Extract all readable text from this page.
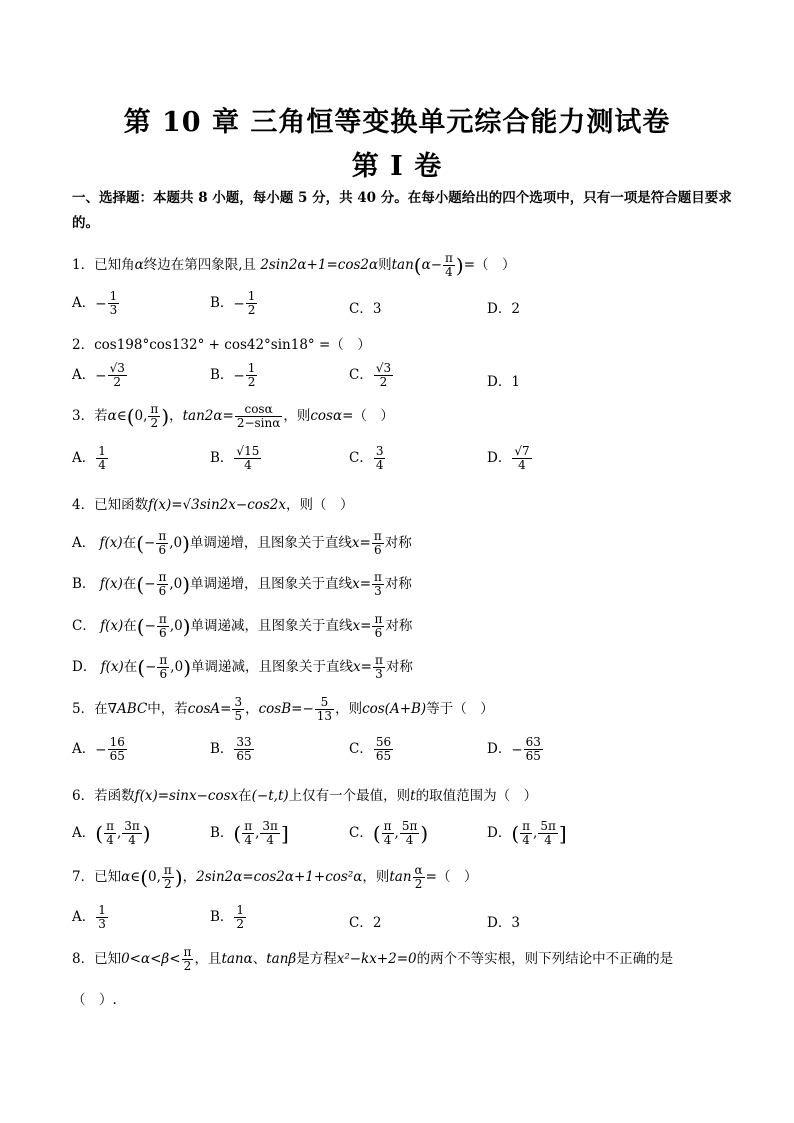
第 10 章 三角恒等变换单元综合能力测试卷
第 I 卷
一、选择题：本题共 8 小题，每小题 5 分，共 40 分。在每小题给出的四个选项中，只有一项是符合题目要求的。
1．已知角α终边在第四象限,且 2sin2α+1=cos2α则$\tan(\alpha- \frac{\pi}{4}$ )=（　）
A．− $\frac{1}{3}$	B．− $\frac{1}{2}$	C．3	D．2
2．cos198°cos132° + cos42°sin18° =（　）
A．− $\frac{√3}{2}$	B．− $\frac{1}{2}$	C． $\frac{√3}{2}$	D．1
3．若α∈(0, $\frac{\pi}{2}$ )，$\tan 2\alpha= \frac{\cos\alpha}{2-\sin\alpha}$ ，则cosα=（　）
A． $\frac{1}{4}$	B． $\frac{√15}{4}$	C． $\frac{3}{4}$	D． $\frac{√7}{4}$
4．已知函数f(x)=√3sin2x−cos2x，则（　）
A． f(x)在(− $\frac{\pi}{6} ,0$)单调递增，且图象关于直线$x= \frac{\pi}{6}$ 对称
B． f(x)在(− $\frac{\pi}{6} ,0$)单调递增，且图象关于直线$x= \frac{\pi}{3}$ 对称
C． f(x)在(− $\frac{\pi}{6} ,0$)单调递减，且图象关于直线$x= \frac{\pi}{6}$ 对称
D． f(x)在(− $\frac{\pi}{6} ,0$)单调递减，且图象关于直线$x= \frac{\pi}{3}$ 对称
5．在∇ABC中，若$\cos A= \frac{3}{5}$ ，$\cos B=- \frac{5}{13}$ ，则cos(A+B)等于（　）
A．− $\frac{16}{65}$	B． $\frac{33}{65}$	C． $\frac{56}{65}$	D．− $\frac{63}{65}$
6．若函数f(x)=sinx−cosx在(−t,t)上仅有一个最值，则t的取值范围为（　）
A．( $\frac{\pi}{4}$ , $\frac{3\pi}{4}$ )	B．( $\frac{\pi}{4}$ , $\frac{3\pi}{4}$ ]	C．( $\frac{\pi}{4}$ , $\frac{5\pi}{4}$ )	D．( $\frac{\pi}{4}$ , $\frac{5\pi}{4}$ ]
7．已知α∈(0, $\frac{\pi}{2}$ )，2sin2α=cos2α+1+cos²α，则$\tan \frac{\alpha}{2}$ =（　）
A． $\frac{1}{3}$	B． $\frac{1}{2}$	C．2	D．3
8．已知$0<\alpha<\beta< \frac{\pi}{2}$ ，且tanα、tanβ是方程x²−kx+2=0的两个不等实根，则下列结论中不正确的是
（　）.
